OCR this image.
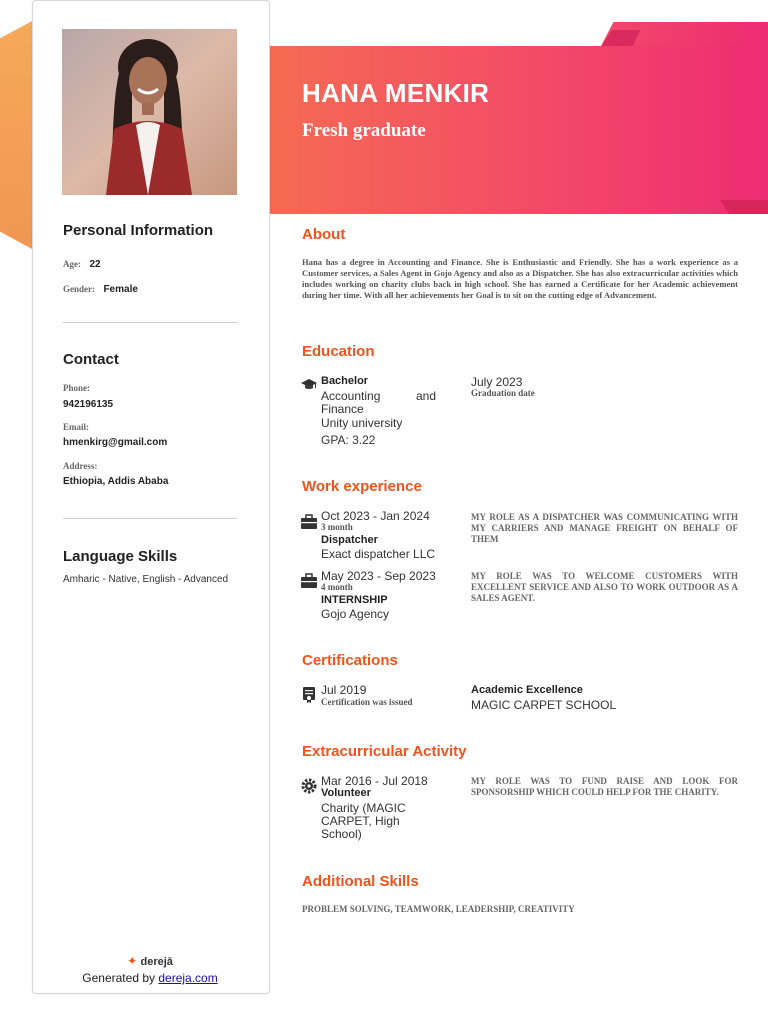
Personal Information
Age: 22
Gender: Female
Contact
Phone:
942196135
Email:
hmenkirg@gmail.com
Address:
Ethiopia, Addis Ababa
Language Skills
Amharic - Native, English - Advanced
✦ derejā
Generated by dereja.com
HANA MENKIR
Fresh graduate
About
Hana has a degree in Accounting and Finance. She is Enthusiastic and Friendly. She has a work experience as a Customer services, a Sales Agent in Gojo Agency and also as a Dispatcher. She has also extracurricular activities which includes working on charity clubs back in high school. She has earned a Certificate for her Academic achievement during her time. With all her achievements her Goal is to sit on the cutting edge of Advancement.
Education
Bachelor
Accounting	and
Finance
Unity university
GPA: 3.22
July 2023
Graduation date
Work experience
Oct 2023 - Jan 2024
3 month
Dispatcher
Exact dispatcher LLC
MY ROLE AS A DISPATCHER WAS COMMUNICATING WITH MY CARRIERS AND MANAGE FREIGHT ON BEHALF OF THEM
May 2023 - Sep 2023
4 month
INTERNSHIP
Gojo Agency
MY ROLE WAS TO WELCOME CUSTOMERS WITH EXCELLENT SERVICE AND ALSO TO WORK OUTDOOR AS A SALES AGENT.
Certifications
Jul 2019
Certification was issued
Academic Excellence
MAGIC CARPET SCHOOL
Extracurricular Activity
Mar 2016 - Jul 2018
Volunteer
Charity (MAGIC
CARPET, High
School)
MY ROLE WAS TO FUND RAISE AND LOOK FOR SPONSORSHIP WHICH COULD HELP FOR THE CHARITY.
Additional Skills
PROBLEM SOLVING, TEAMWORK, LEADERSHIP, CREATIVITY
